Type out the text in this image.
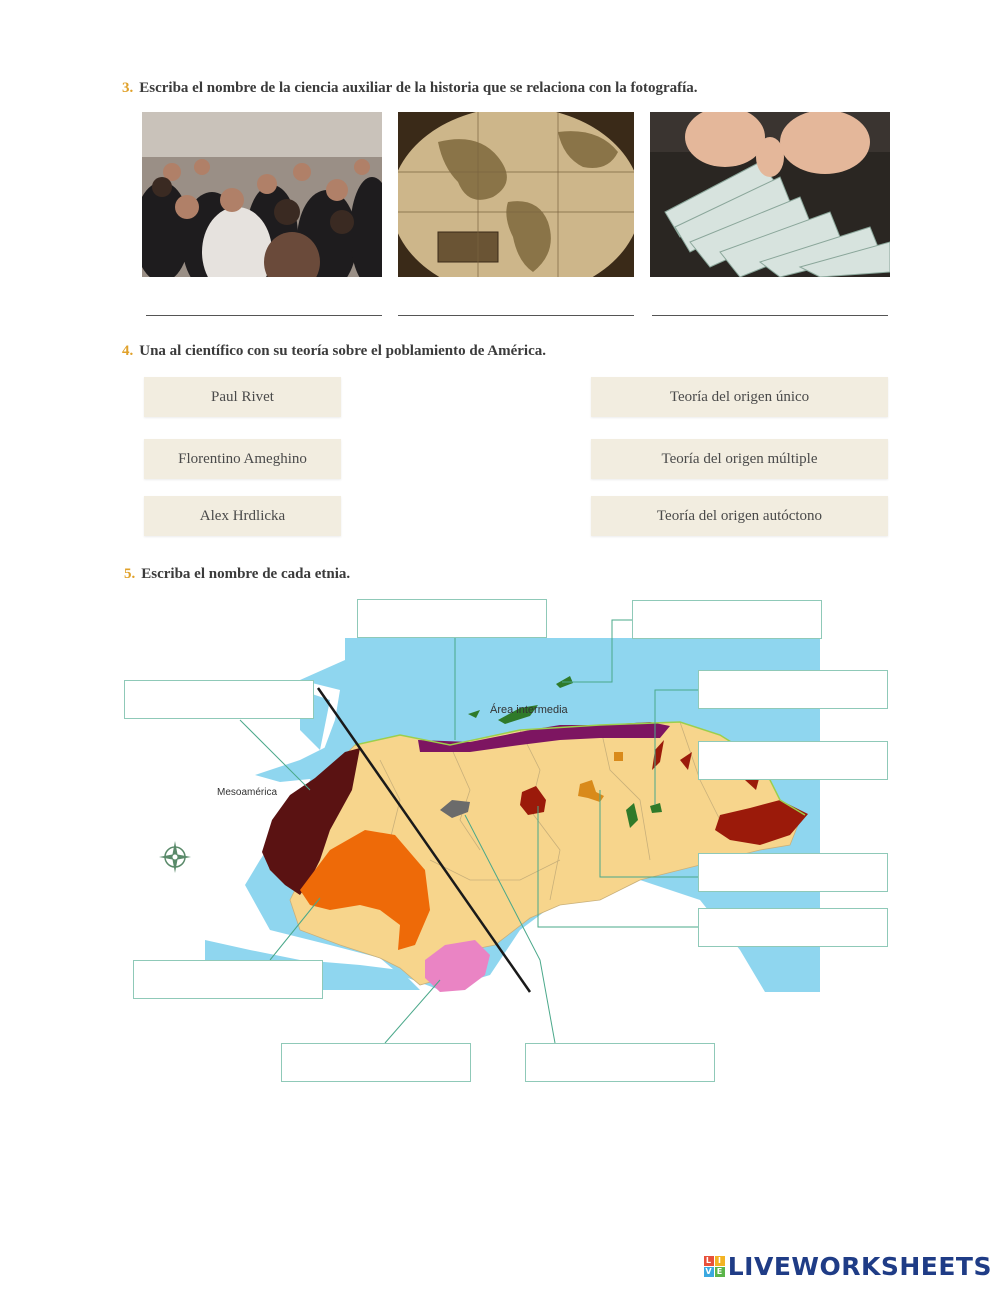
3. Escriba el nombre de la ciencia auxiliar de la historia que se relaciona con la fotografía.
4. Una al científico con su teoría sobre el poblamiento de América.
Paul Rivet
Florentino Ameghino
Alex Hrdlicka
Teoría del origen único
Teoría del origen múltiple
Teoría del origen autóctono
5. Escriba el nombre de cada etnia.
Área intermedia
Mesoamérica
L I
V E LIVEWORKSHEETS
